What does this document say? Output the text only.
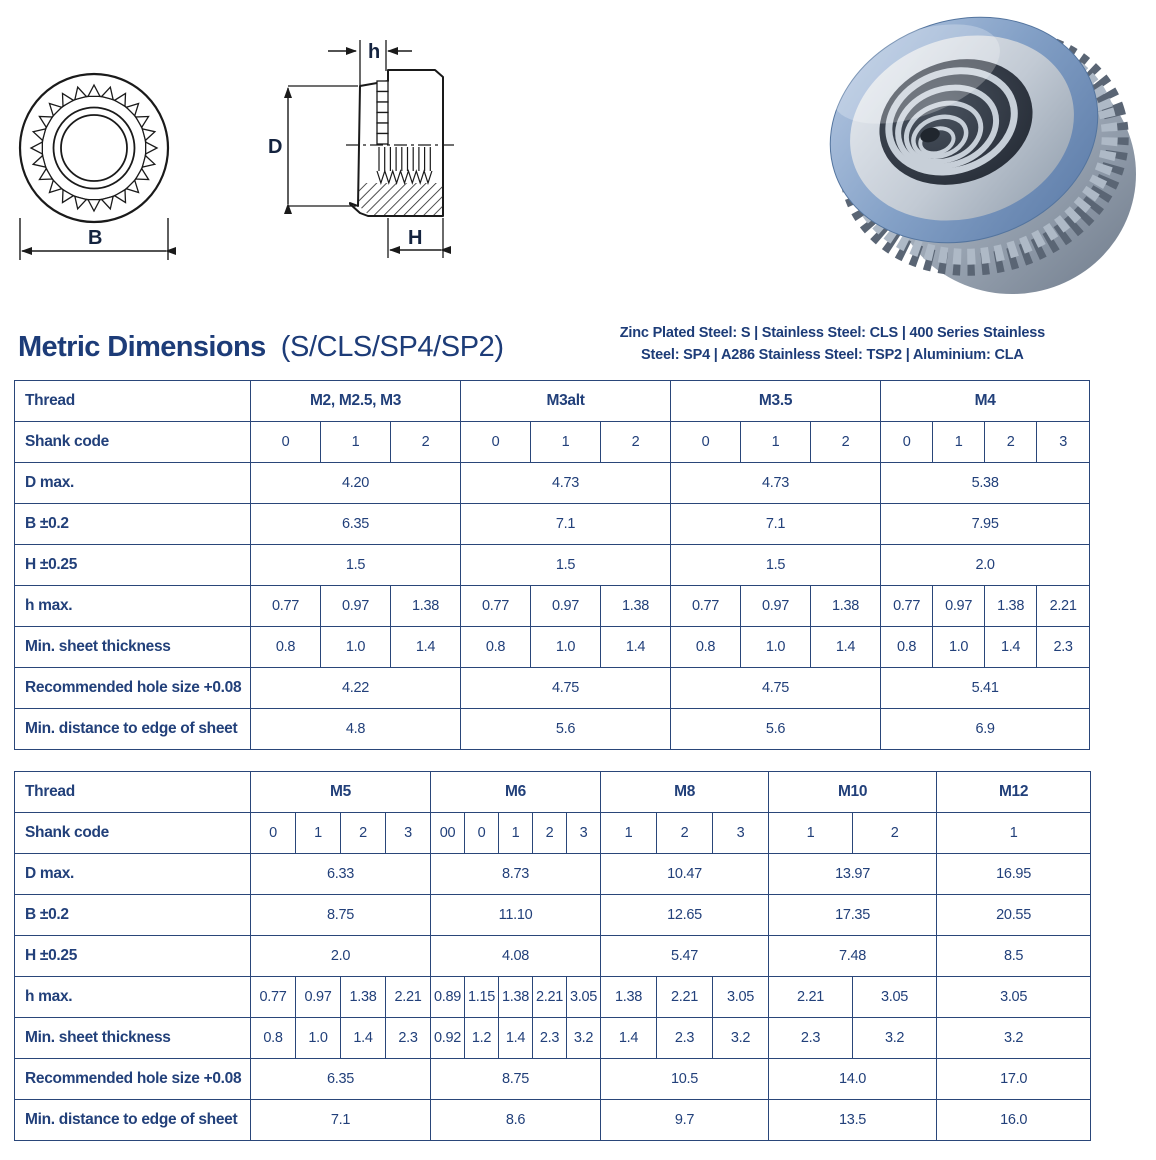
B
h
D
H
Metric Dimensions (S/CLS/SP4/SP2)	Zinc Plated Steel: S | Stainless Steel: CLS | 400 Series Stainless
Steel: SP4 | A286 Stainless Steel: TSP2 | Aluminium: CLA
Thread	M2, M2.5, M3			M3alt			M3.5			M4			
Shank code	0	1	2	0	1	2	0	1	2	0	1	2	3
D max.	4.20			4.73			4.73			5.38			
B ±0.2	6.35			7.1			7.1			7.95			
H ±0.25	1.5			1.5			1.5			2.0			
h max.	0.77	0.97	1.38	0.77	0.97	1.38	0.77	0.97	1.38	0.77	0.97	1.38	2.21
Min. sheet thickness	0.8	1.0	1.4	0.8	1.0	1.4	0.8	1.0	1.4	0.8	1.0	1.4	2.3
Recommended hole size +0.08	4.22			4.75			4.75			5.41			
Min. distance to edge of sheet	4.8			5.6			5.6			6.9			
Thread	M5				M6					M8			M10		M12
Shank code	0	1	2	3	00	0	1	2	3	1	2	3	1	2	1
D max.	6.33				8.73					10.47			13.97		16.95
B ±0.2	8.75				11.10					12.65			17.35		20.55
H ±0.25	2.0				4.08					5.47			7.48		8.5
h max.	0.77	0.97	1.38	2.21	0.89	1.15	1.38	2.21	3.05	1.38	2.21	3.05	2.21	3.05	3.05
Min. sheet thickness	0.8	1.0	1.4	2.3	0.92	1.2	1.4	2.3	3.2	1.4	2.3	3.2	2.3	3.2	3.2
Recommended hole size +0.08	6.35				8.75					10.5			14.0		17.0
Min. distance to edge of sheet	7.1				8.6					9.7			13.5		16.0
